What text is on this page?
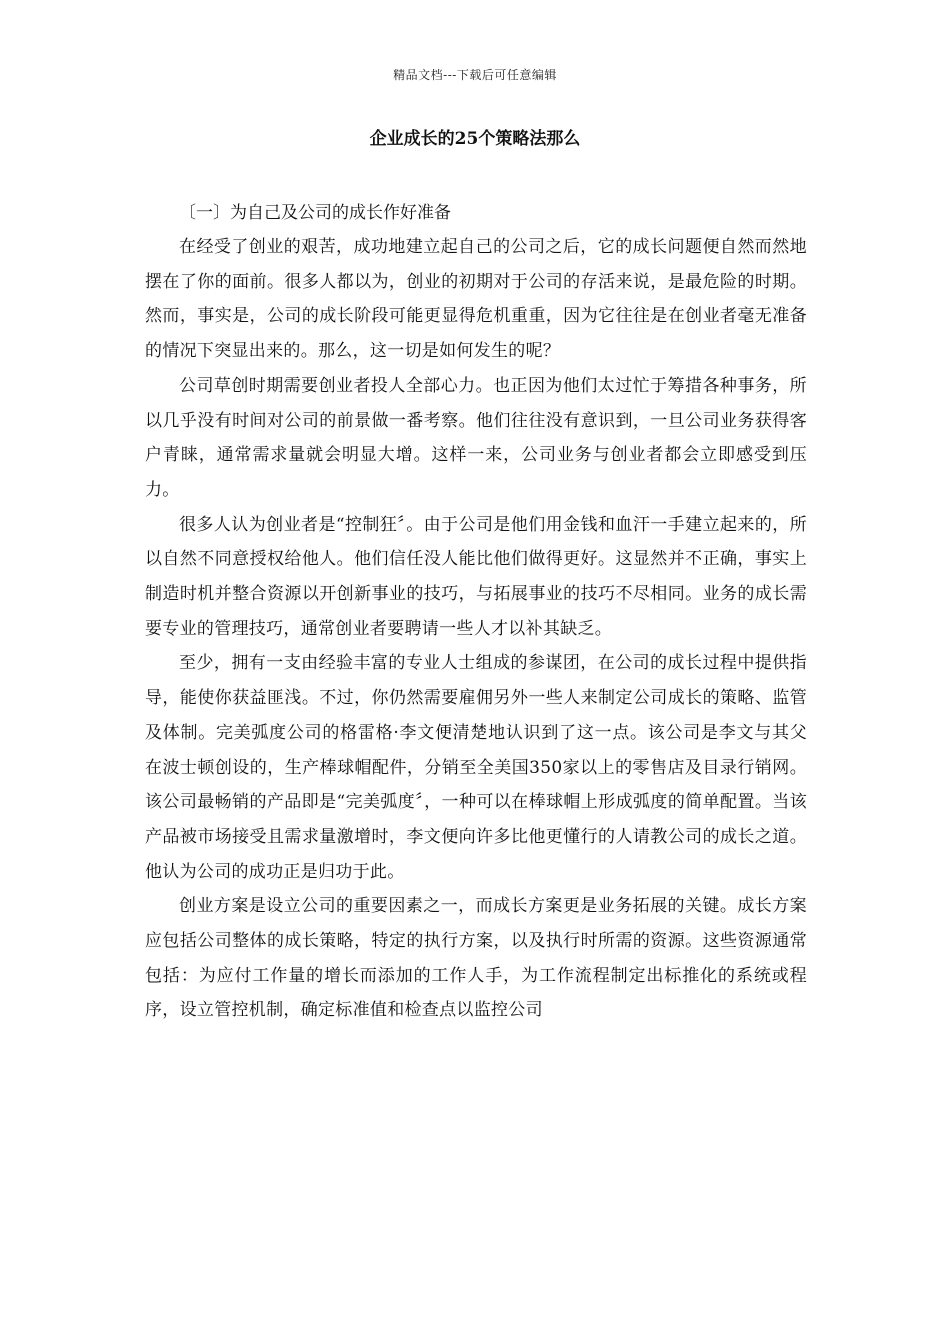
精品文档---下载后可任意编辑
企业成长的25个策略法那么

〔一〕为自己及公司的成长作好准备

在经受了创业的艰苦，成功地建立起自己的公司之后，它的成长问题便自然而然地摆在了你的面前。很多人都以为，创业的初期对于公司的存活来说，是最危险的时期。然而，事实是，公司的成长阶段可能更显得危机重重，因为它往往是在创业者毫无准备的情况下突显出来的。那么，这一切是如何发生的呢？

公司草创时期需要创业者投人全部心力。也正因为他们太过忙于筹措各种事务，所以几乎没有时间对公司的前景做一番考察。他们往往没有意识到，一旦公司业务获得客户青睐，通常需求量就会明显大增。这样一来，公司业务与创业者都会立即感受到压力。

很多人认为创业者是“控制狂〞。由于公司是他们用金钱和血汗一手建立起来的，所以自然不同意授权给他人。他们信任没人能比他们做得更好。这显然并不正确，事实上制造时机并整合资源以开创新事业的技巧，与拓展事业的技巧不尽相同。业务的成长需要专业的管理技巧，通常创业者要聘请一些人才以补其缺乏。

至少，拥有一支由经验丰富的专业人士组成的参谋团，在公司的成长过程中提供指导，能使你获益匪浅。不过，你仍然需要雇佣另外一些人来制定公司成长的策略、监管及体制。完美弧度公司的格雷格·李文便清楚地认识到了这一点。该公司是李文与其父在波士顿创设的，生产棒球帽配件，分销至全美国350家以上的零售店及目录行销网。该公司最畅销的产品即是“完美弧度〞，一种可以在棒球帽上形成弧度的简单配置。当该产品被市场接受且需求量激增时，李文便向许多比他更懂行的人请教公司的成长之道。他认为公司的成功正是归功于此。

创业方案是设立公司的重要因素之一，而成长方案更是业务拓展的关键。成长方案应包括公司整体的成长策略，特定的执行方案，以及执行时所需的资源。这些资源通常包括：为应付工作量的增长而添加的工作人手，为工作流程制定出标推化的系统或程序，设立管控机制，确定标准值和检查点以监控公司
